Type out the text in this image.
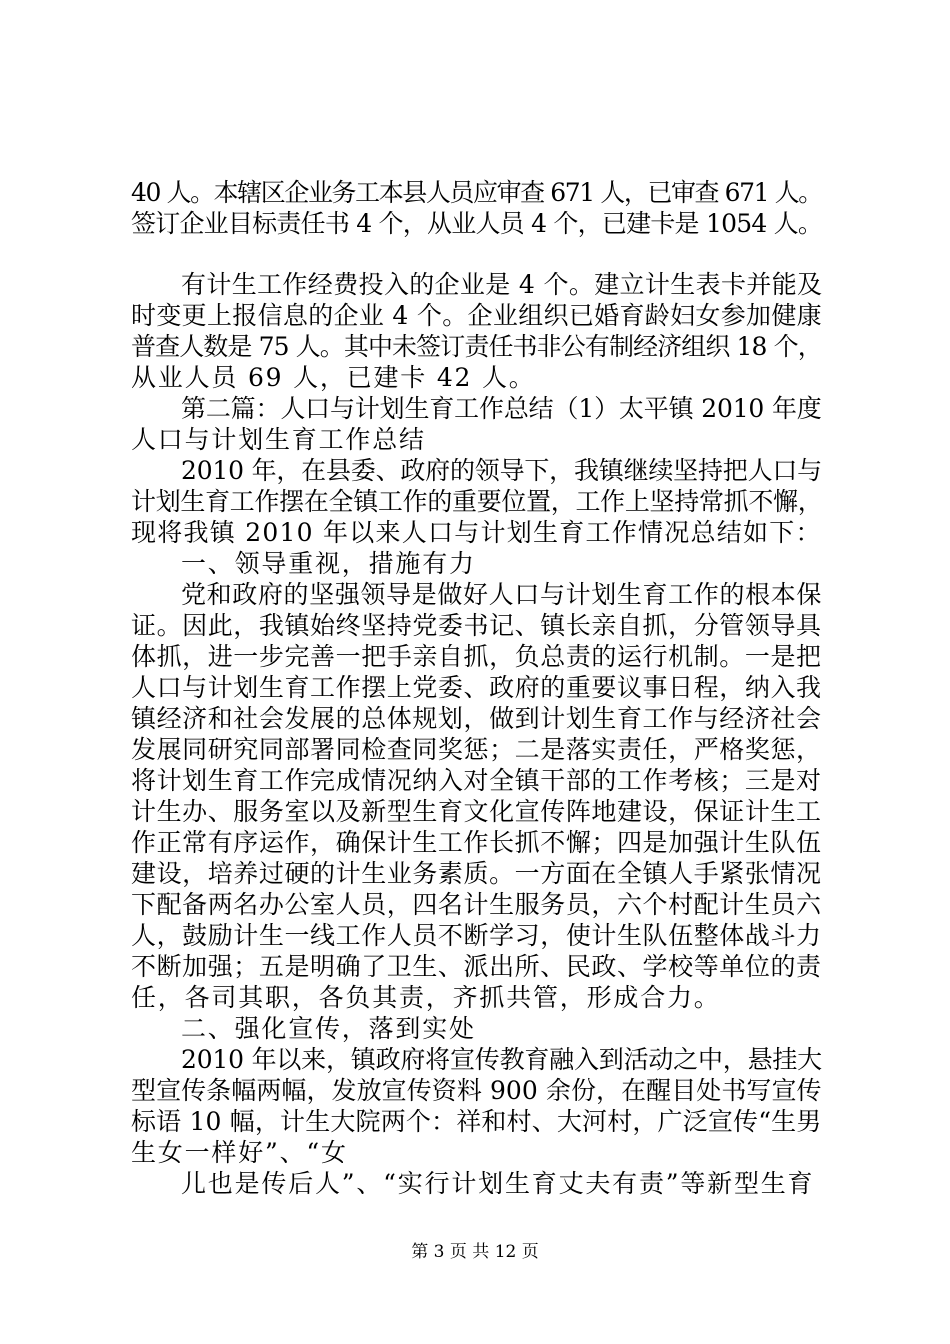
40 人。本辖区企业务工本县人员应审查 671 人，已审查 671 人。
签订企业目标责任书 4 个，从业人员 4 个，已建卡是 1054 人。
有计生工作经费投入的企业是 4 个。建立计生表卡并能及
时变更上报信息的企业 4 个。企业组织已婚育龄妇女参加健康
普查人数是 75 人。其中未签订责任书非公有制经济组织 18 个，
从业人员 69 人，已建卡 42 人。
第二篇：人口与计划生育工作总结（1）太平镇 2010 年度
人口与计划生育工作总结
2010 年，在县委、政府的领导下，我镇继续坚持把人口与
计划生育工作摆在全镇工作的重要位置，工作上坚持常抓不懈，
现将我镇 2010 年以来人口与计划生育工作情况总结如下：
一、领导重视，措施有力
党和政府的坚强领导是做好人口与计划生育工作的根本保
证。因此，我镇始终坚持党委书记、镇长亲自抓，分管领导具
体抓，进一步完善一把手亲自抓，负总责的运行机制。一是把
人口与计划生育工作摆上党委、政府的重要议事日程，纳入我
镇经济和社会发展的总体规划，做到计划生育工作与经济社会
发展同研究同部署同检查同奖惩；二是落实责任，严格奖惩，
将计划生育工作完成情况纳入对全镇干部的工作考核；三是对
计生办、服务室以及新型生育文化宣传阵地建设，保证计生工
作正常有序运作，确保计生工作长抓不懈；四是加强计生队伍
建设，培养过硬的计生业务素质。一方面在全镇人手紧张情况
下配备两名办公室人员，四名计生服务员，六个村配计生员六
人，鼓励计生一线工作人员不断学习，使计生队伍整体战斗力
不断加强；五是明确了卫生、派出所、民政、学校等单位的责
任，各司其职，各负其责，齐抓共管，形成合力。
二、强化宣传，落到实处
2010 年以来，镇政府将宣传教育融入到活动之中，悬挂大
型宣传条幅两幅，发放宣传资料 900 余份，在醒目处书写宣传
标语 10 幅，计生大院两个：祥和村、大河村，广泛宣传“生男
生女一样好”、“女
儿也是传后人”、“实行计划生育丈夫有责”等新型生育
第 3 页 共 12 页
